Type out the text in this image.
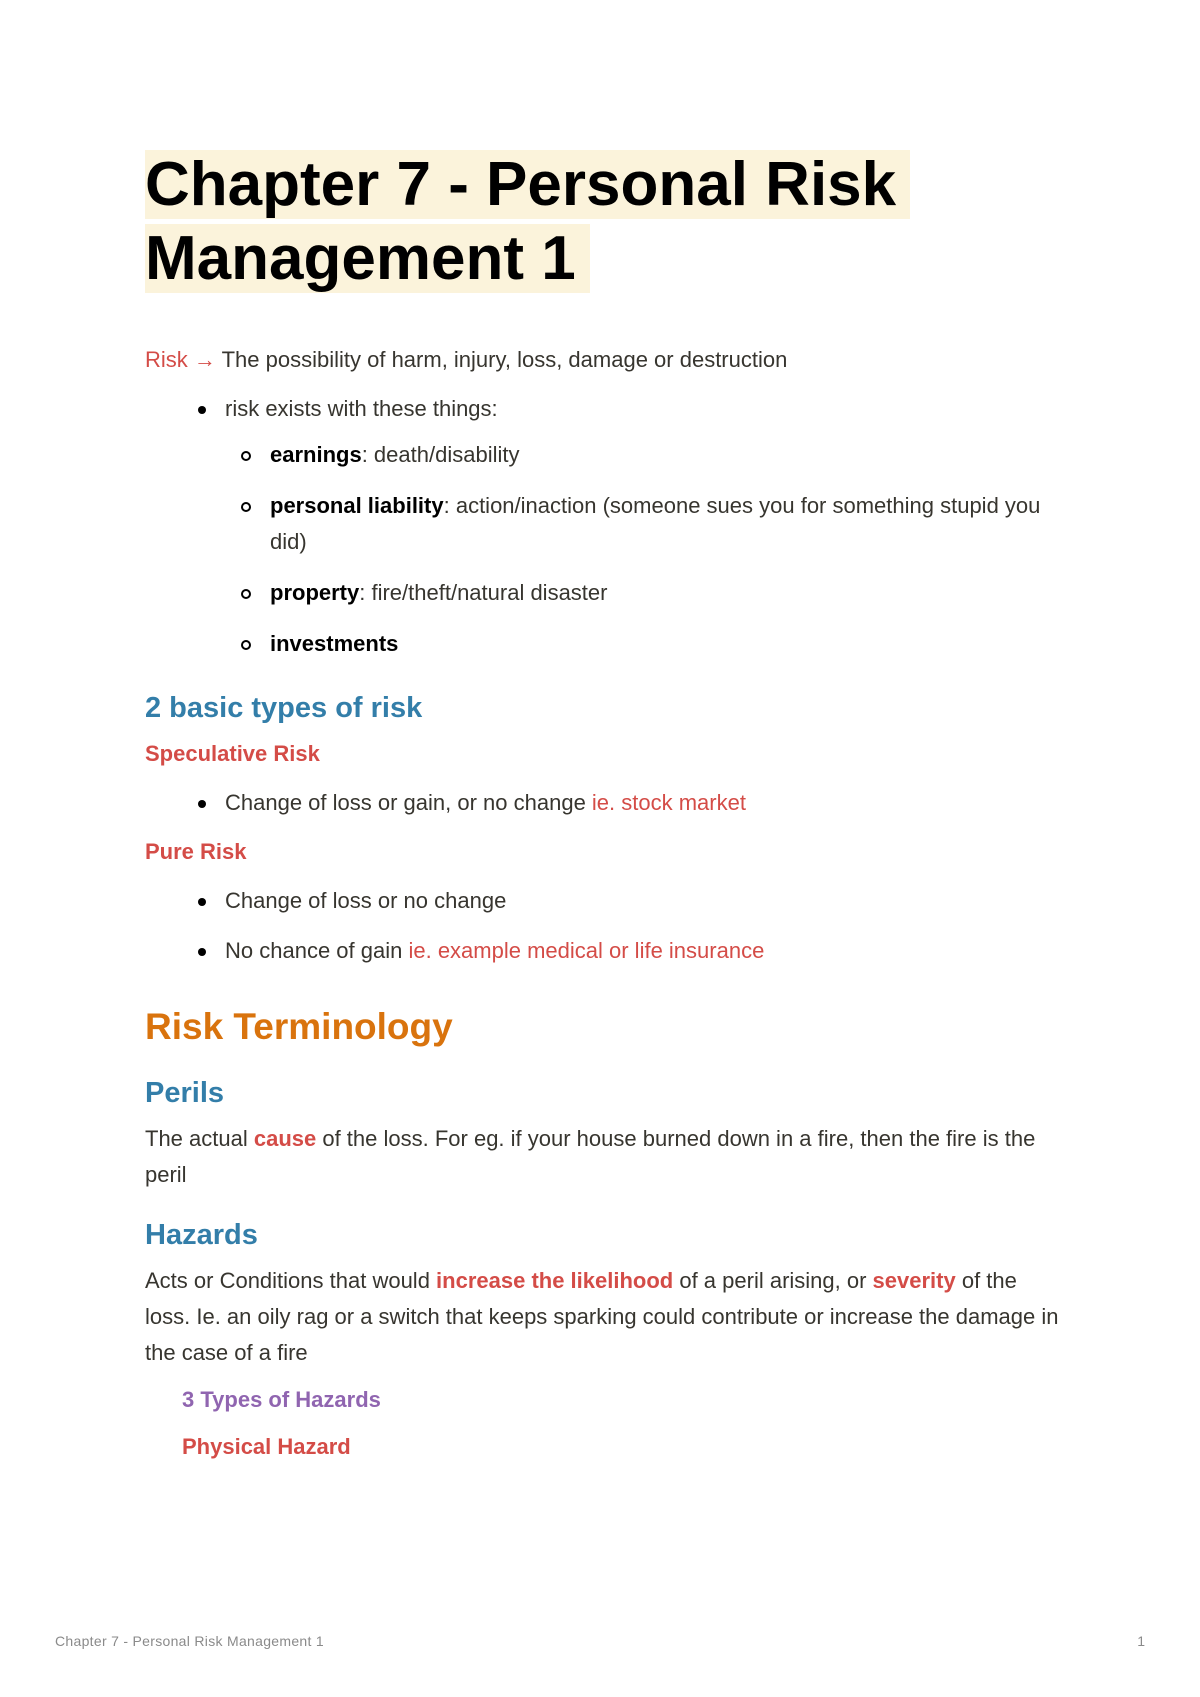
Chapter 7 - Personal Risk
Management 1

Risk → The possibility of harm, injury, loss, damage or destruction

risk exists with these things:
earnings: death/disability
personal liability: action/inaction (someone sues you for something stupid you did)
property: fire/theft/natural disaster
investments
2 basic types of risk
Speculative Risk
Change of loss or gain, or no change ie. stock market
Pure Risk
Change of loss or no change
No chance of gain ie. example medical or life insurance
Risk Terminology
Perils

The actual cause of the loss. For eg. if your house burned down in a fire, then the fire is the peril

Hazards

Acts or Conditions that would increase the likelihood of a peril arising, or severity of the loss. Ie. an oily rag or a switch that keeps sparking could contribute or increase the damage in the case of a fire

3 Types of Hazards
Physical Hazard
Chapter 7 - Personal Risk Management 1	1
